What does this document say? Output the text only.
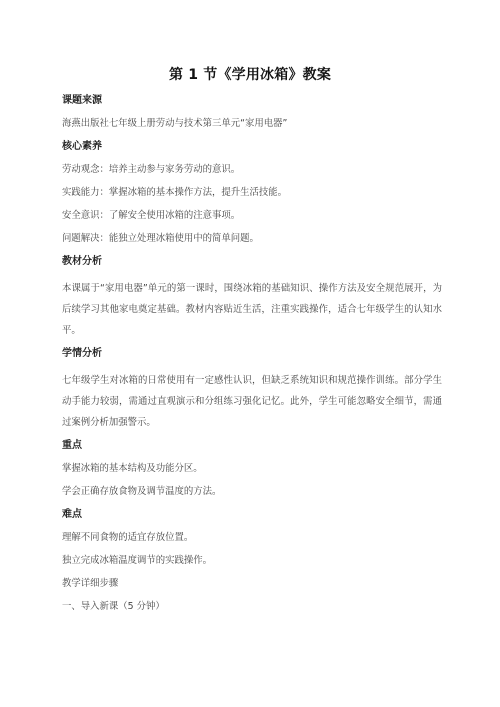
第 1 节《学用冰箱》教案
课题来源
海燕出版社七年级上册劳动与技术第三单元“家用电器”
核心素养
劳动观念：培养主动参与家务劳动的意识。
实践能力：掌握冰箱的基本操作方法，提升生活技能。
安全意识：了解安全使用冰箱的注意事项。
问题解决：能独立处理冰箱使用中的简单问题。
教材分析
本课属于“家用电器”单元的第一课时，围绕冰箱的基础知识、操作方法及安全规范展开，为后续学习其他家电奠定基础。教材内容贴近生活，注重实践操作，适合七年级学生的认知水平。
学情分析
七年级学生对冰箱的日常使用有一定感性认识，但缺乏系统知识和规范操作训练。部分学生动手能力较弱，需通过直观演示和分组练习强化记忆。此外，学生可能忽略安全细节，需通过案例分析加强警示。
重点
掌握冰箱的基本结构及功能分区。
学会正确存放食物及调节温度的方法。
难点
理解不同食物的适宜存放位置。
独立完成冰箱温度调节的实践操作。
教学详细步骤
一、导入新课（5 分钟）
